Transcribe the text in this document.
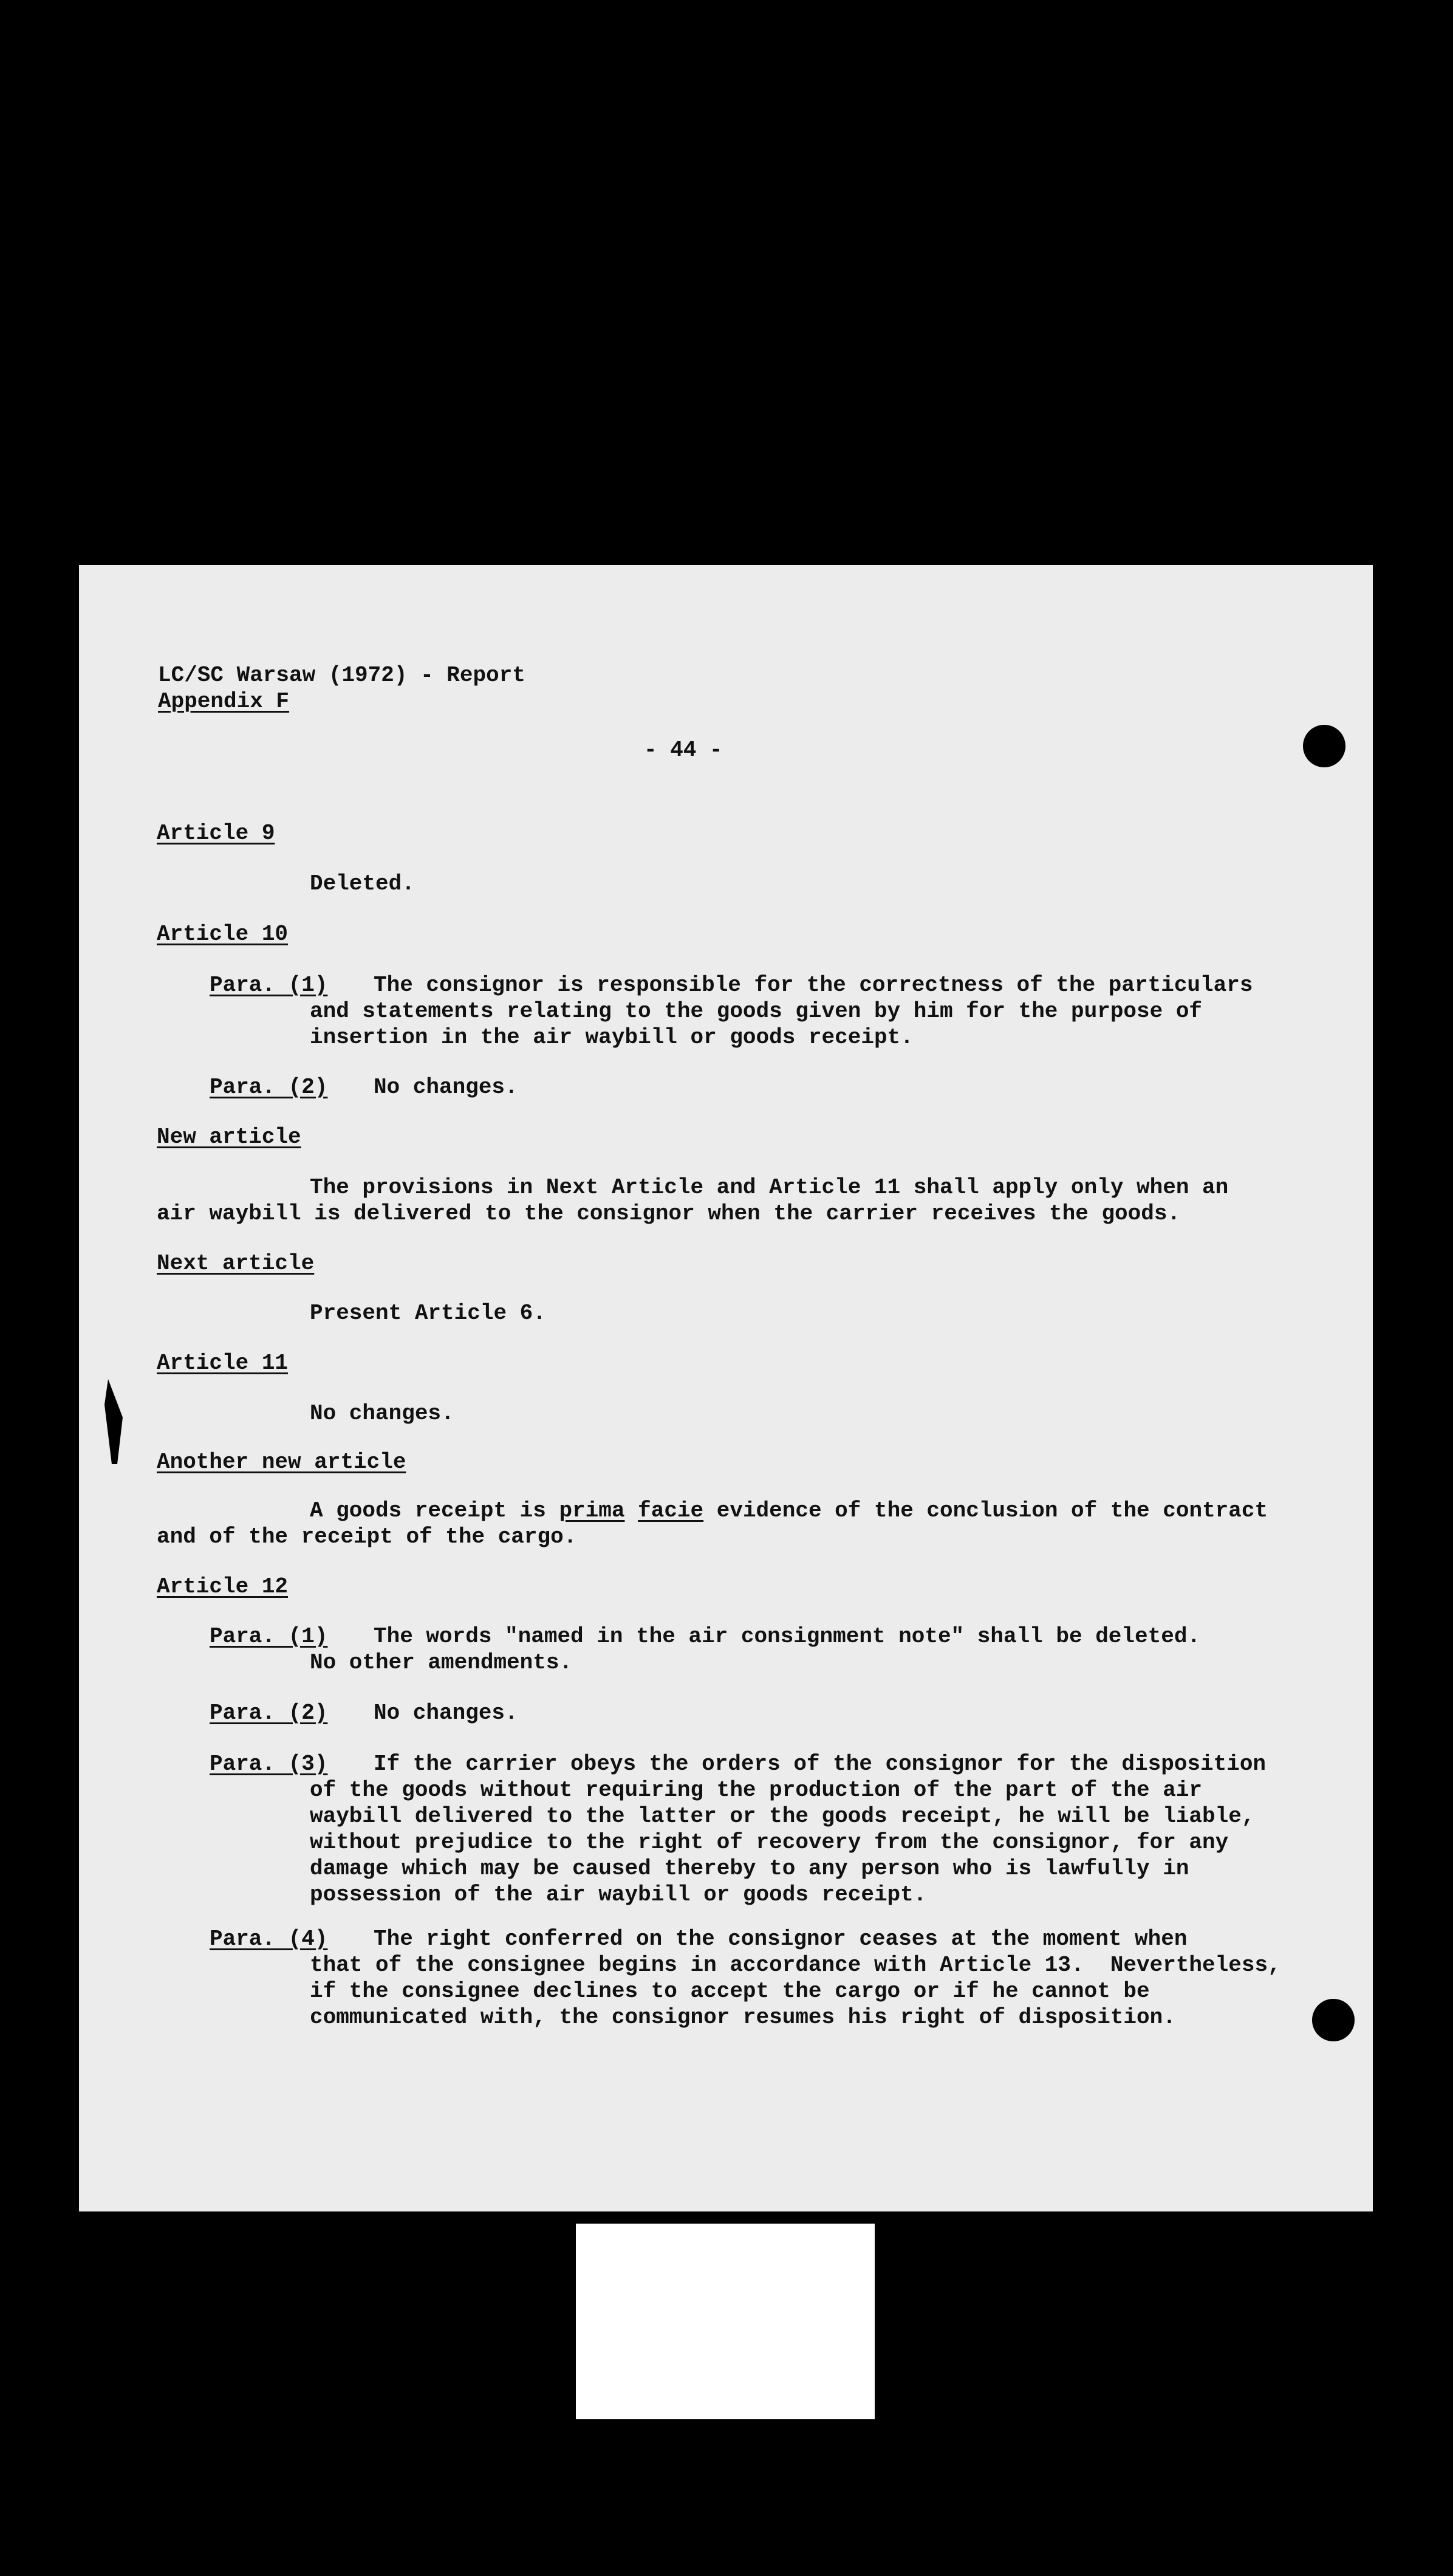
LC/SC Warsaw (1972) - Report
Appendix F
- 44 -
Article 9
Deleted.
Article 10
Para. (1) The consignor is responsible for the correctness of the particulars
and statements relating to the goods given by him for the purpose of
insertion in the air waybill or goods receipt.
Para. (2) No changes.
New article
The provisions in Next Article and Article 11 shall apply only when an
air waybill is delivered to the consignor when the carrier receives the goods.
Next article
Present Article 6.
Article 11
No changes.
Another new article
A goods receipt is prima facie evidence of the conclusion of the contract
and of the receipt of the cargo.
Article 12
Para. (1) The words "named in the air consignment note" shall be deleted.
No other amendments.
Para. (2) No changes.
Para. (3) If the carrier obeys the orders of the consignor for the disposition
of the goods without requiring the production of the part of the air
waybill delivered to the latter or the goods receipt, he will be liable,
without prejudice to the right of recovery from the consignor, for any
damage which may be caused thereby to any person who is lawfully in
possession of the air waybill or goods receipt.
Para. (4) The right conferred on the consignor ceases at the moment when
that of the consignee begins in accordance with Article 13.  Nevertheless,
if the consignee declines to accept the cargo or if he cannot be
communicated with, the consignor resumes his right of disposition.
